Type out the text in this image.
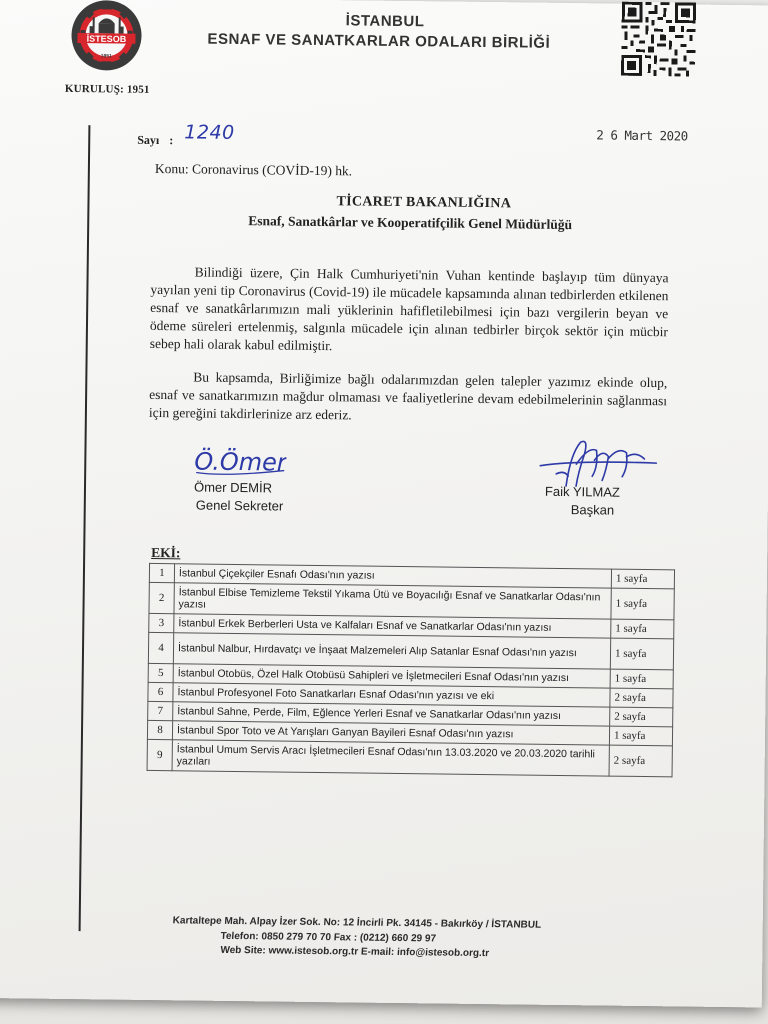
İSTESOB
1951
KURULUŞ: 1951
İSTANBUL
ESNAF VE SANATKARLAR ODALARI BİRLİĞİ
Sayı : 1240	2 6 Mart 2020
Konu: Coronavirus (COVİD-19) hk.
TİCARET BAKANLIĞINA
Esnaf, Sanatkârlar ve Kooperatifçilik Genel Müdürlüğü
Bilindiği üzere, Çin Halk Cumhuriyeti'nin Vuhan kentinde başlayıp tüm dünyaya yayılan yeni tip Coronavirus (Covid-19) ile mücadele kapsamında alınan tedbirlerden etkilenen esnaf ve sanatkârlarımızın mali yüklerinin hafifletilebilmesi için bazı vergilerin beyan ve ödeme süreleri ertelenmiş, salgınla mücadele için alınan tedbirler birçok sektör için mücbir sebep hali olarak kabul edilmiştir.
Bu kapsamda, Birliğimize bağlı odalarımızdan gelen talepler yazımız ekinde olup, esnaf ve sanatkarımızın mağdur olmaması ve faaliyetlerine devam edebilmelerinin sağlanması için gereğini takdirlerinize arz ederiz.
Ö.Ömer
Ömer DEMİR
Genel Sekreter
Faik YILMAZ
Başkan
EKİ:
1	İstanbul Çiçekçiler Esnafı Odası'nın yazısı	1 sayfa
2	İstanbul Elbise Temizleme Tekstil Yıkama Ütü ve Boyacılığı Esnaf ve Sanatkarlar Odası'nın yazısı	1 sayfa
3	İstanbul Erkek Berberleri Usta ve Kalfaları Esnaf ve Sanatkarlar Odası'nın yazısı	1 sayfa
4	İstanbul Nalbur, Hırdavatçı ve İnşaat Malzemeleri Alıp Satanlar Esnaf Odası'nın yazısı	1 sayfa
5	İstanbul Otobüs, Özel Halk Otobüsü Sahipleri ve İşletmecileri Esnaf Odası'nın yazısı	1 sayfa
6	İstanbul Profesyonel Foto Sanatkarları Esnaf Odası'nın yazısı ve eki	2 sayfa
7	İstanbul Sahne, Perde, Film, Eğlence Yerleri Esnaf ve Sanatkarlar Odası'nın yazısı	2 sayfa
8	İstanbul Spor Toto ve At Yarışları Ganyan Bayileri Esnaf Odası'nın yazısı	1 sayfa
9	İstanbul Umum Servis Aracı İşletmecileri Esnaf Odası'nın 13.03.2020 ve 20.03.2020 tarihli yazıları	2 sayfa
Kartaltepe Mah. Alpay İzer Sok. No: 12 İncirli Pk. 34145 - Bakırköy / İSTANBUL
Telefon: 0850 279 70 70 Fax : (0212) 660 29 97
Web Site: www.istesob.org.tr E-mail: info@istesob.org.tr
